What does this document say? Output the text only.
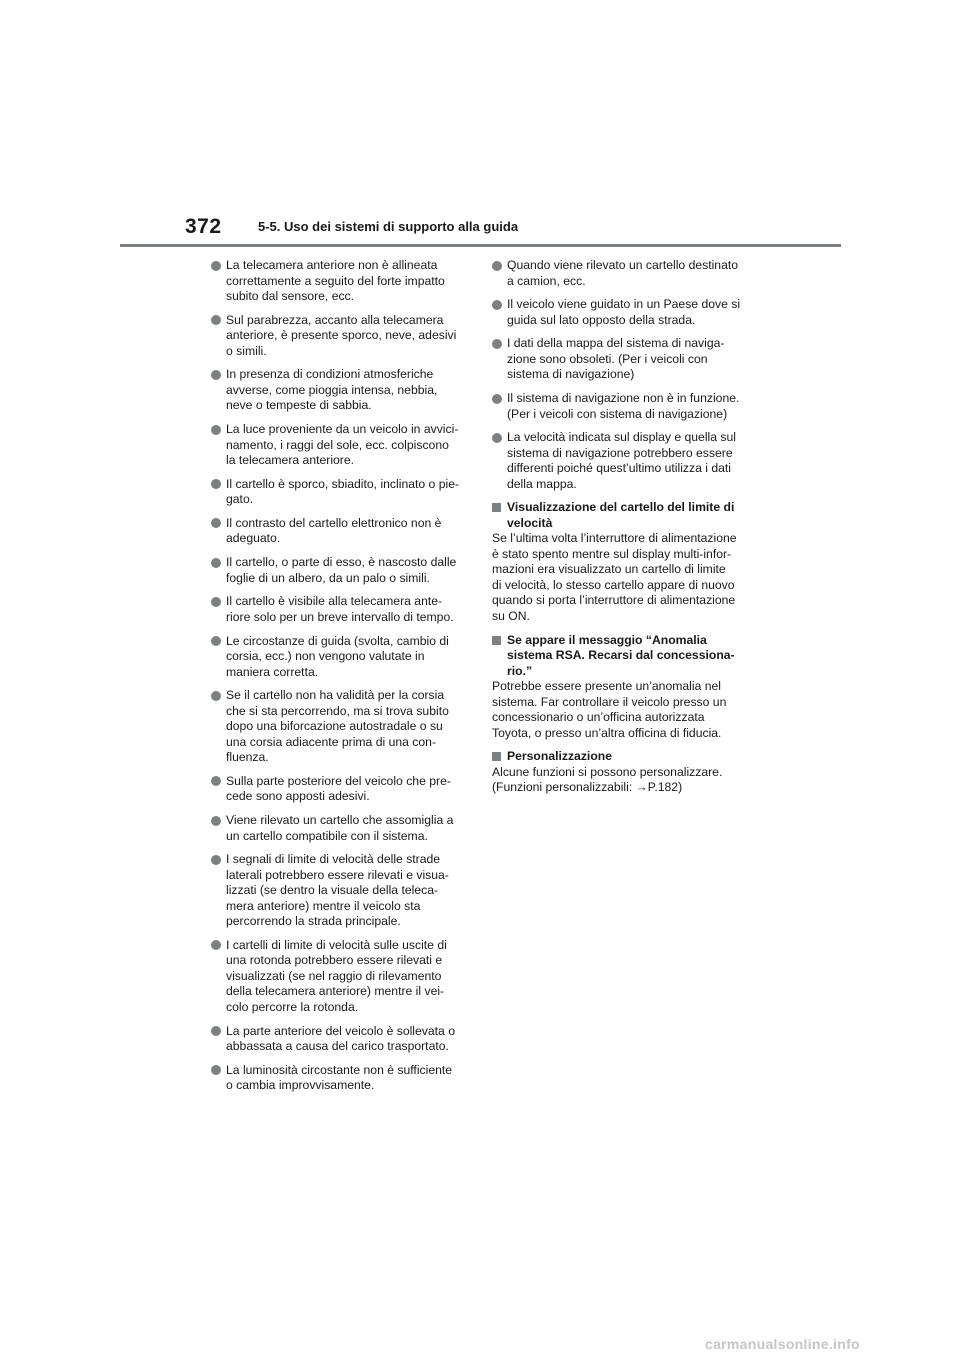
372	5-5. Uso dei sistemi di supporto alla guida
La telecamera anteriore non è allineata
correttamente a seguito del forte impatto
subito dal sensore, ecc.
Sul parabrezza, accanto alla telecamera
anteriore, è presente sporco, neve, adesivi
o simili.
In presenza di condizioni atmosferiche
avverse, come pioggia intensa, nebbia,
neve o tempeste di sabbia.
La luce proveniente da un veicolo in avvici-
namento, i raggi del sole, ecc. colpiscono
la telecamera anteriore.
Il cartello è sporco, sbiadito, inclinato o pie-
gato.
Il contrasto del cartello elettronico non è
adeguato.
Il cartello, o parte di esso, è nascosto dalle
foglie di un albero, da un palo o simili.
Il cartello è visibile alla telecamera ante-
riore solo per un breve intervallo di tempo.
Le circostanze di guida (svolta, cambio di
corsia, ecc.) non vengono valutate in
maniera corretta.
Se il cartello non ha validità per la corsia
che si sta percorrendo, ma si trova subito
dopo una biforcazione autostradale o su
una corsia adiacente prima di una con-
fluenza.
Sulla parte posteriore del veicolo che pre-
cede sono apposti adesivi.
Viene rilevato un cartello che assomiglia a
un cartello compatibile con il sistema.
I segnali di limite di velocità delle strade
laterali potrebbero essere rilevati e visua-
lizzati (se dentro la visuale della teleca-
mera anteriore) mentre il veicolo sta
percorrendo la strada principale.
I cartelli di limite di velocità sulle uscite di
una rotonda potrebbero essere rilevati e
visualizzati (se nel raggio di rilevamento
della telecamera anteriore) mentre il vei-
colo percorre la rotonda.
La parte anteriore del veicolo è sollevata o
abbassata a causa del carico trasportato.
La luminosità circostante non è sufficiente
o cambia improvvisamente.
Quando viene rilevato un cartello destinato
a camion, ecc.
Il veicolo viene guidato in un Paese dove si
guida sul lato opposto della strada.
I dati della mappa del sistema di naviga-
zione sono obsoleti. (Per i veicoli con
sistema di navigazione)
Il sistema di navigazione non è in funzione.
(Per i veicoli con sistema di navigazione)
La velocità indicata sul display e quella sul
sistema di navigazione potrebbero essere
differenti poiché quest’ultimo utilizza i dati
della mappa.
Visualizzazione del cartello del limite di
velocità
Se l’ultima volta l’interruttore di alimentazione
è stato spento mentre sul display multi-infor-
mazioni era visualizzato un cartello di limite
di velocità, lo stesso cartello appare di nuovo
quando si porta l’interruttore di alimentazione
su ON.
Se appare il messaggio “Anomalia
sistema RSA. Recarsi dal concessiona-
rio.”
Potrebbe essere presente un’anomalia nel
sistema. Far controllare il veicolo presso un
concessionario o un’officina autorizzata
Toyota, o presso un’altra officina di fiducia.
Personalizzazione
Alcune funzioni si possono personalizzare.
(Funzioni personalizzabili: →P.182)
carmanualsonline.info
